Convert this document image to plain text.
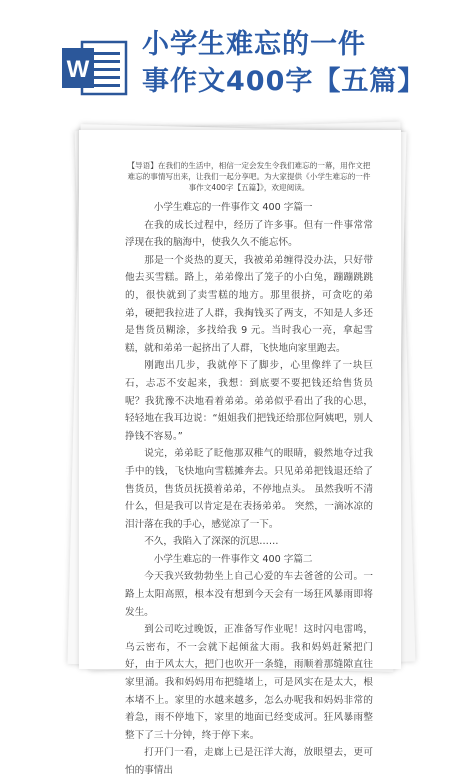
W
小学生难忘的一件
事作文400字【五篇】
【导语】在我们的生活中，相信一定会发生令我们难忘的一幕，用作文把难忘的事情写出来，让我们一起分享吧。为大家提供《小学生难忘的一件事作文400字【五篇】》，欢迎阅读。

小学生难忘的一件事作文 400 字篇一

在我的成长过程中，经历了许多事。但有一件事常常浮现在我的脑海中，使我久久不能忘怀。

那是一个炎热的夏天，我被弟弟缠得没办法，只好带他去买雪糕。路上，弟弟像出了笼子的小白兔，蹦蹦跳跳的，很快就到了卖雪糕的地方。那里很挤，可贪吃的弟弟，硬把我拉进了人群，我掏钱买了两支，不知是人多还是售货员糊涂，多找给我 9 元。当时我心一亮，拿起雪糕，就和弟弟一起挤出了人群，飞快地向家里跑去。

刚跑出几步，我就停下了脚步，心里像绊了一块巨石，忐忑不安起来，我想：到底要不要把钱还给售货员呢？我犹豫不决地看着弟弟。弟弟似乎看出了我的心思，轻轻地在我耳边说：“姐姐我们把钱还给那位阿姨吧，别人挣钱不容易。”

说完，弟弟眨了眨他那双稚气的眼睛，毅然地夺过我手中的钱，飞快地向雪糕摊奔去。只见弟弟把钱退还给了售货员，售货员抚摸着弟弟，不停地点头。 虽然我听不清什么，但是我可以肯定是在表扬弟弟。 突然，一滴冰凉的泪汁落在我的手心，感觉凉了一下。

不久，我陷入了深深的沉思……

小学生难忘的一件事作文 400 字篇二

今天我兴致勃勃坐上自己心爱的车去爸爸的公司。一路上太阳高照，根本没有想到今天会有一场狂风暴雨即将发生。

到公司吃过晚饭，正准备写作业呢！这时闪电雷鸣，乌云密布，不一会就下起倾盆大雨。我和妈妈赶紧把门好，由于风太大，把门也吹开一条缝，雨顺着那缝隙直往家里涌。我和妈妈用布把缝堵上，可是风实在是太大，根本堵不上。家里的水越来越多，怎么办呢我和妈妈非常的着急，雨不停地下，家里的地面已经变成河。狂风暴雨整整下了三十分钟，终于停下来。

打开门一看，走廊上已是汪洋大海，放眼望去，更可怕的事情出
